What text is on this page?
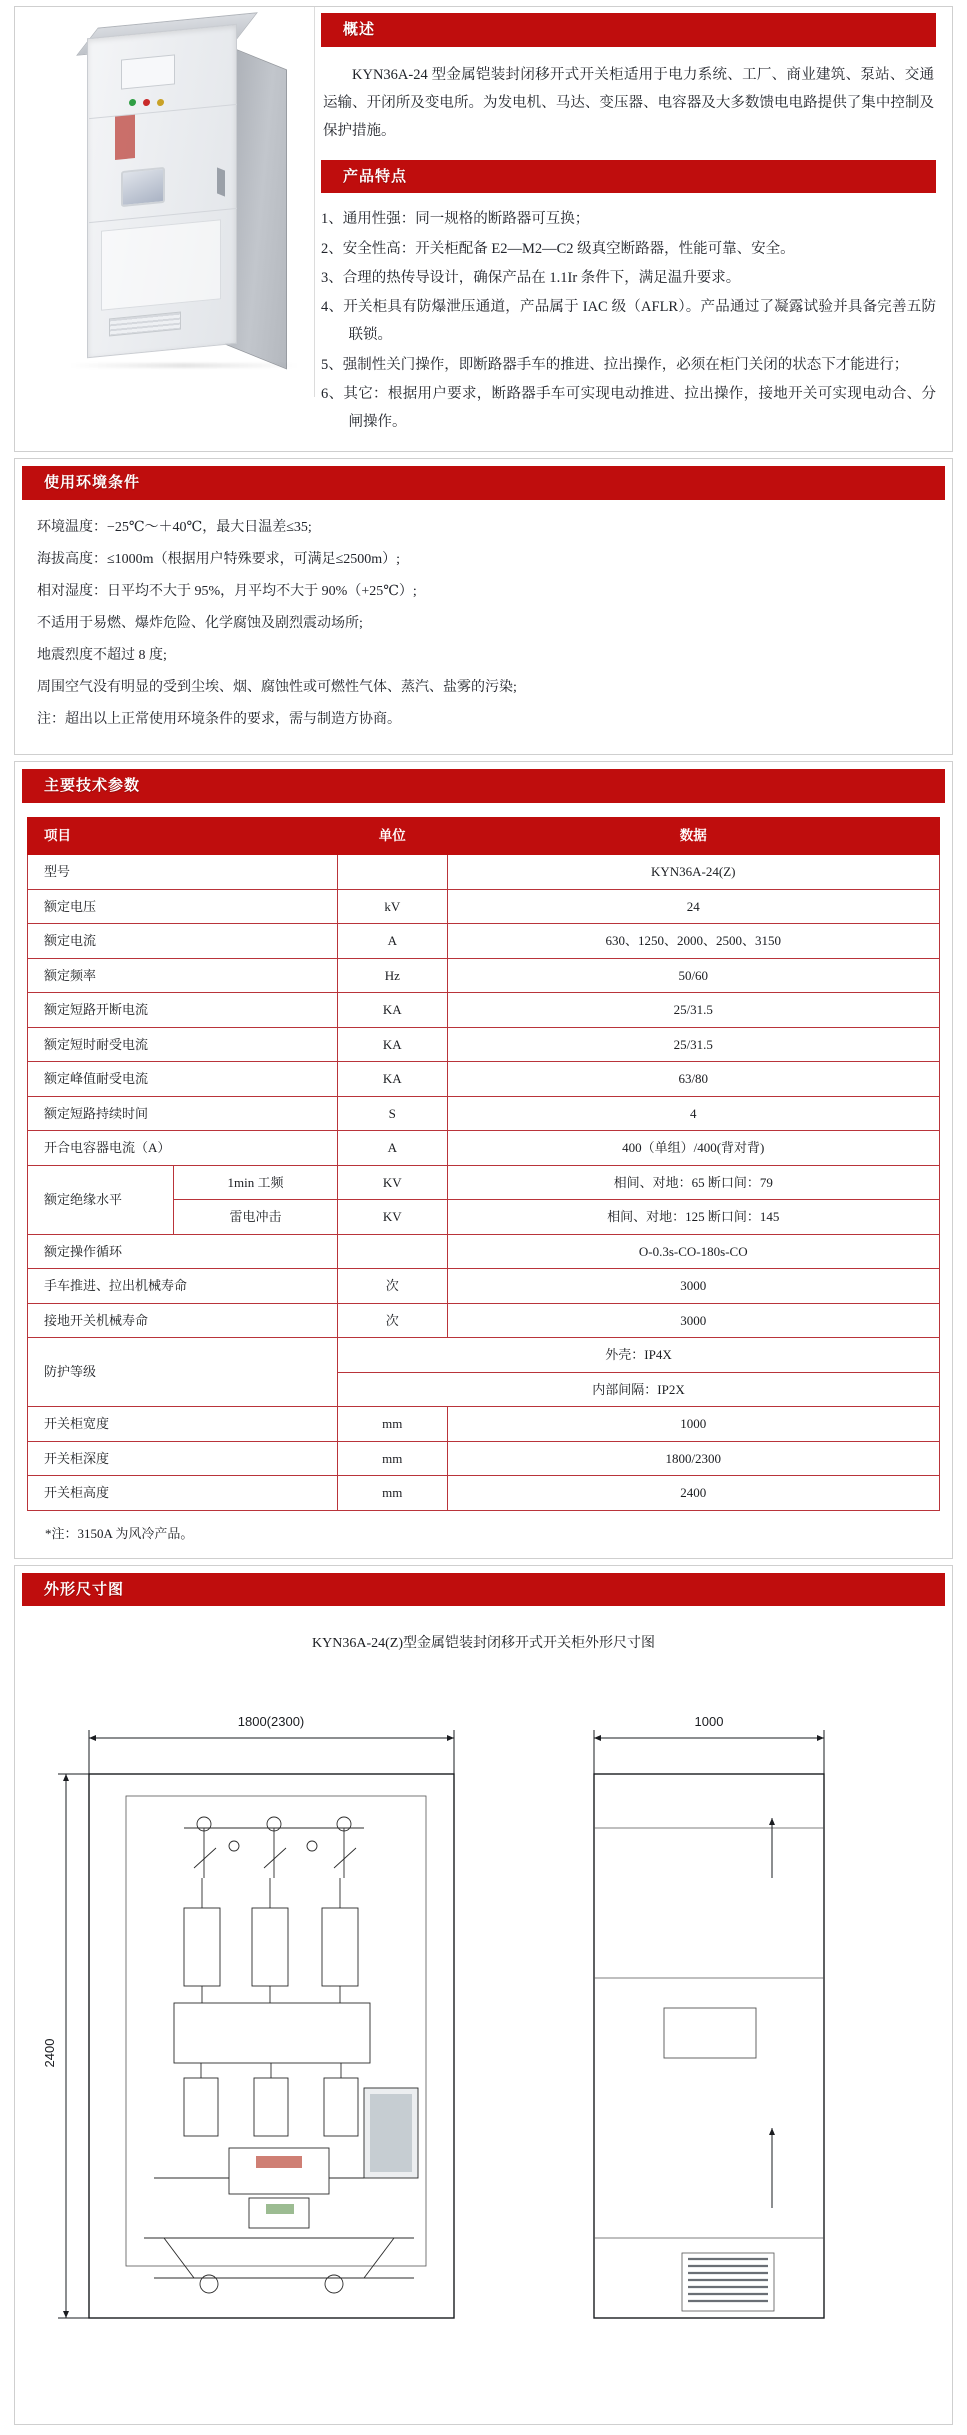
概述

KYN36A-24 型金属铠装封闭移开式开关柜适用于电力系统、工厂、商业建筑、泵站、交通运输、开闭所及变电所。为发电机、马达、变压器、电容器及大多数馈电电路提供了集中控制及保护措施。

产品特点
1、通用性强：同一规格的断路器可互换；
2、安全性高：开关柜配备 E2—M2—C2 级真空断路器，性能可靠、安全。
3、合理的热传导设计，确保产品在 1.1Ir 条件下，满足温升要求。
4、开关柜具有防爆泄压通道，产品属于 IAC 级（AFLR）。产品通过了凝露试验并具备完善五防联锁。
5、强制性关门操作，即断路器手车的推进、拉出操作，必须在柜门关闭的状态下才能进行；
6、其它：根据用户要求，断路器手车可实现电动推进、拉出操作，接地开关可实现电动合、分闸操作。
使用环境条件

环境温度：−25℃～＋40℃，最大日温差≤35;

海拔高度：≤1000m（根据用户特殊要求，可满足≤2500m）;

相对湿度：日平均不大于 95%，月平均不大于 90%（+25℃）;

不适用于易燃、爆炸危险、化学腐蚀及剧烈震动场所;

地震烈度不超过 8 度;

周围空气没有明显的受到尘埃、烟、腐蚀性或可燃性气体、蒸汽、盐雾的污染;

注：超出以上正常使用环境条件的要求，需与制造方协商。

主要技术参数
项目		单位	数据
型号			KYN36A-24(Z)
额定电压		kV	24
额定电流		A	630、1250、2000、2500、3150
额定频率		Hz	50/60
额定短路开断电流		KA	25/31.5
额定短时耐受电流		KA	25/31.5
额定峰值耐受电流		KA	63/80
额定短路持续时间		S	4
开合电容器电流（A）		A	400（单组）/400(背对背)
额定绝缘水平	1min 工频	KV	相间、对地：65 断口间：79
	雷电冲击	KV	相间、对地：125 断口间：145
额定操作循环			O-0.3s-CO-180s-CO
手车推进、拉出机械寿命		次	3000
接地开关机械寿命		次	3000
防护等级		外壳：IP4X	
		内部间隔：IP2X	
开关柜宽度		mm	1000
开关柜深度		mm	1800/2300
开关柜高度		mm	2400
*注：3150A 为风冷产品。
外形尺寸图
KYN36A-24(Z)型金属铠装封闭移开式开关柜外形尺寸图
1800(2300)
2400
1000
